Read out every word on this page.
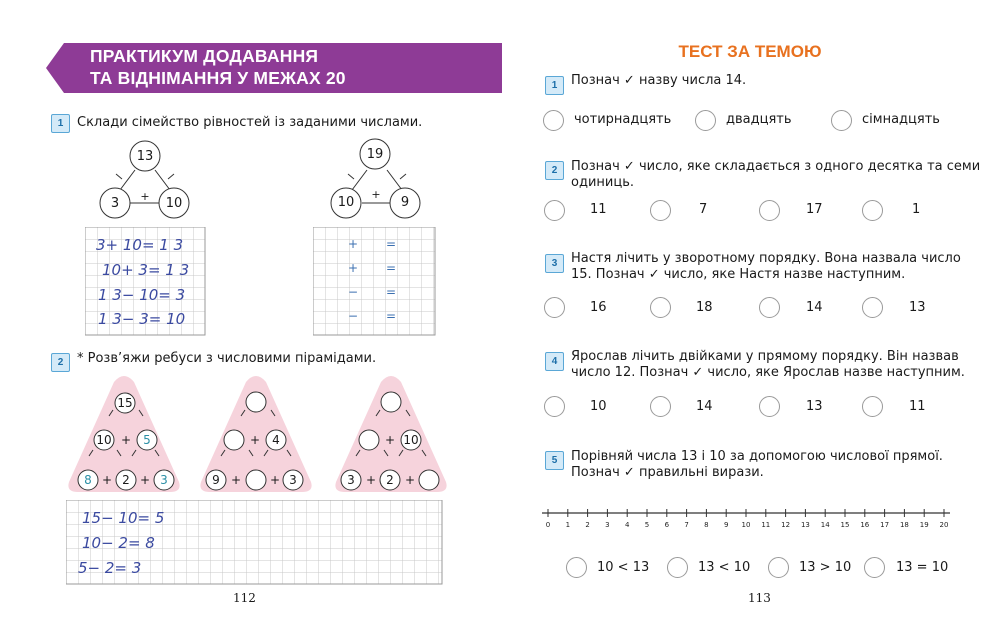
ПРАКТИКУМ ДОДАВАННЯ
ТА ВІДНІМАННЯ У МЕЖАХ 20
1	Склади сімейство рівностей із заданими числами.
13
3	10
+
19
10	9
+
3+ 10= 1 3
10+ 3= 1 3
1 3− 10= 3
1 3− 3= 10
+ =
+ =
− =
− =
2	* Розв’яжи ребуси з числовими пірамідами.
15
10	5
8	2	3
+
+	+
4
9	3
+
+	+
10
3	2
+
+	+
15− 10= 5
10− 2= 8
5− 2= 3
112
ТЕСТ ЗА ТЕМОЮ
1	Познач ✓ назву числа 14.
чотирнадцять	двадцять	сімнадцять
2	Познач ✓ число, яке складається з одного десятка та семи
одиниць.
11	7	17	1
3	Настя лічить у зворотному порядку. Вона назвала число
15. Познач ✓ число, яке Настя назве наступним.
16	18	14	13
4	Ярослав лічить двійками у прямому порядку. Він назвав
число 12. Познач ✓ число, яке Ярослав назве наступним.
10	14	13	11
5	Порівняй числа 13 і 10 за допомогою числової прямої.
Познач ✓ правильні вирази.
0 1 2 3 4 5 6 7 8 9 10 11 12 13 14 15 16 17 18 19 20
10 < 13	13 < 10	13 > 10	13 = 10
113
